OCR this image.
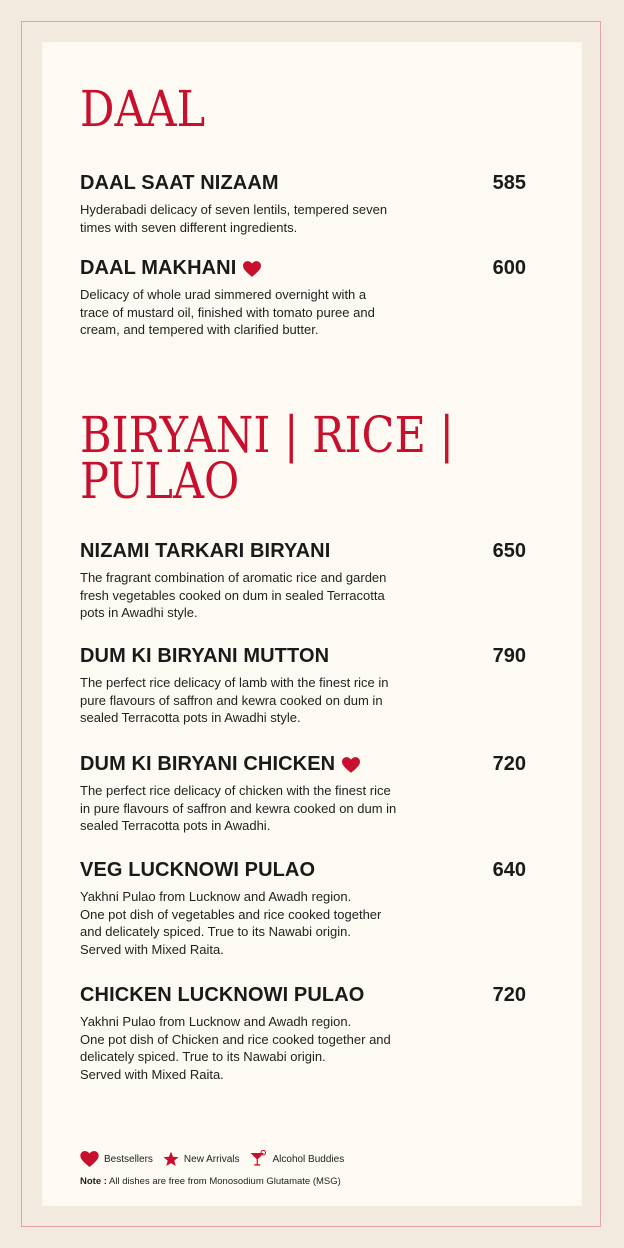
DAAL
DAAL SAAT NIZAAM	585
Hyderabadi delicacy of seven lentils, tempered seven
times with seven different ingredients.
DAAL MAKHANI	600
Delicacy of whole urad simmered overnight with a
trace of mustard oil, finished with tomato puree and
cream, and tempered with clarified butter.
BIRYANI | RICE |
PULAO
NIZAMI TARKARI BIRYANI	650
The fragrant combination of aromatic rice and garden
fresh vegetables cooked on dum in sealed Terracotta
pots in Awadhi style.
DUM KI BIRYANI MUTTON	790
The perfect rice delicacy of lamb with the finest rice in
pure flavours of saffron and kewra cooked on dum in
sealed Terracotta pots in Awadhi style.
DUM KI BIRYANI CHICKEN	720
The perfect rice delicacy of chicken with the finest rice
in pure flavours of saffron and kewra cooked on dum in
sealed Terracotta pots in Awadhi.
VEG LUCKNOWI PULAO	640
Yakhni Pulao from Lucknow and Awadh region.
One pot dish of vegetables and rice cooked together
and delicately spiced. True to its Nawabi origin.
Served with Mixed Raita.
CHICKEN LUCKNOWI PULAO	720
Yakhni Pulao from Lucknow and Awadh region.
One pot dish of Chicken and rice cooked together and
delicately spiced. True to its Nawabi origin.
Served with Mixed Raita.
Bestsellers	New Arrivals	Alcohol Buddies
Note : All dishes are free from Monosodium Glutamate (MSG)
